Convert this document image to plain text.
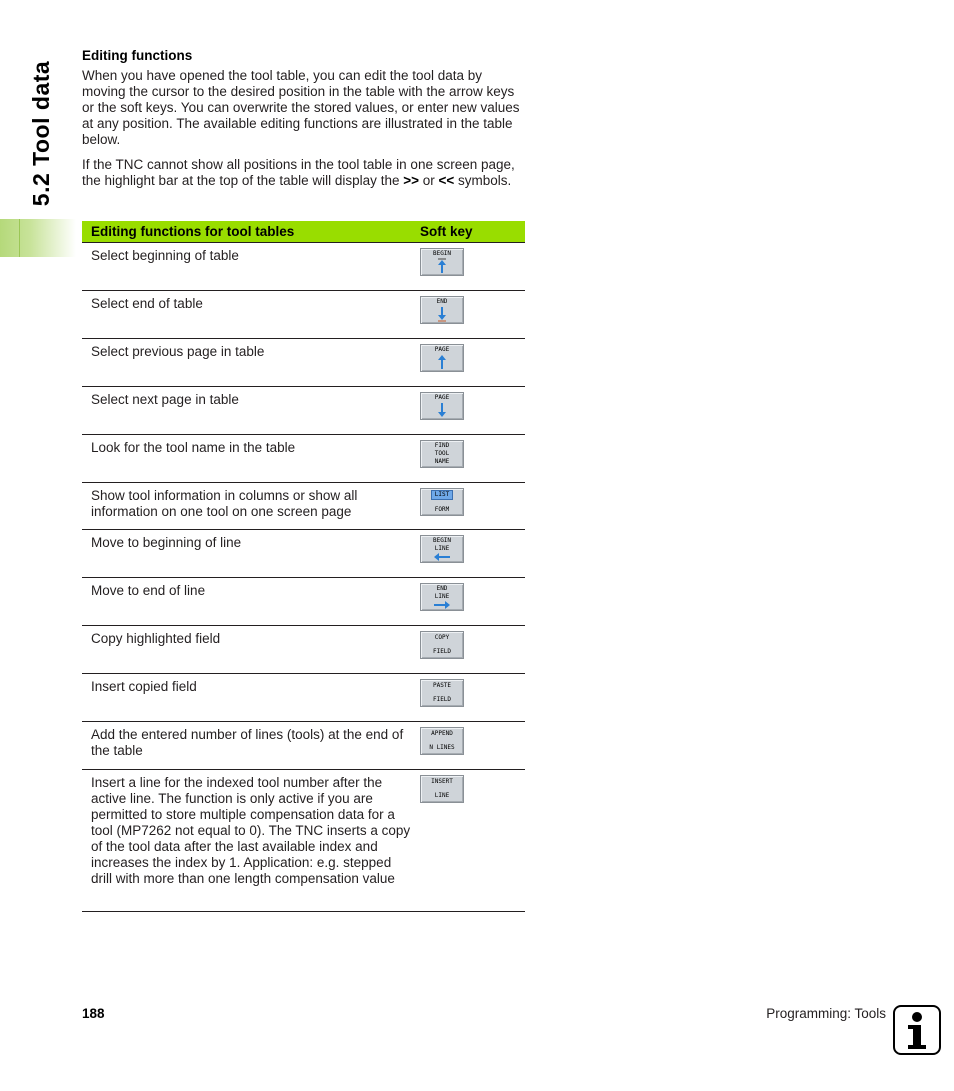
5.2 Tool data
Editing functions

When you have opened the tool table, you can edit the tool data by moving the cursor to the desired position in the table with the arrow keys or the soft keys. You can overwrite the stored values, or enter new values at any position. The available editing functions are illustrated in the table below.

If the TNC cannot show all positions in the tool table in one screen page, the highlight bar at the top of the table will display the >> or << symbols.

Editing functions for tool tables	Soft key
Select beginning of table	BEGIN

Select end of table	END

Select previous page in table	PAGE

Select next page in table	PAGE

Look for the tool name in the table	FIND
TOOL
NAME

Show tool information in columns or show all information on one tool on one screen page	LIST
FORM

Move to beginning of line	BEGIN
LINE

Move to end of line	END
LINE

Copy highlighted field	COPY
FIELD

Insert copied field	PASTE
FIELD

Add the entered number of lines (tools) at the end of the table	APPEND
N LINES

Insert a line for the indexed tool number after the active line. The function is only active if you are permitted to store multiple compensation data for a tool (MP7262 not equal to 0). The TNC inserts a copy of the tool data after the last available index and increases the index by 1. Application: e.g. stepped drill with more than one length compensation value	INSERT
LINE
188	Programming: Tools
